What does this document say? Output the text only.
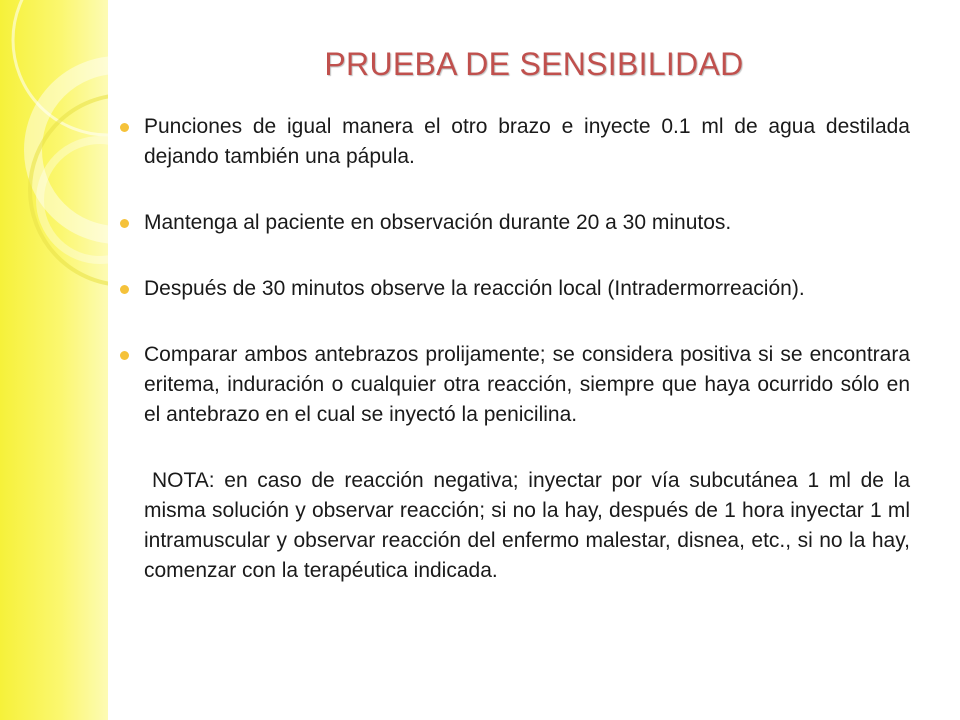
PRUEBA DE SENSIBILIDAD
Punciones de igual manera el otro brazo e inyecte 0.1 ml de agua destilada dejando también una pápula.
Mantenga al paciente en observación durante 20 a 30 minutos.
Después de 30 minutos observe la reacción local (Intradermorreación).
Comparar ambos antebrazos prolijamente; se considera positiva si se encontrara eritema, induración o cualquier otra reacción, siempre que haya ocurrido sólo en el antebrazo en el cual se inyectó la penicilina.

NOTA: en caso de reacción negativa; inyectar por vía subcutánea 1 ml de la misma solución y observar reacción; si no la hay, después de 1 hora inyectar 1 ml intramuscular y observar reacción del enfermo malestar, disnea, etc., si no la hay, comenzar con la terapéutica indicada.
